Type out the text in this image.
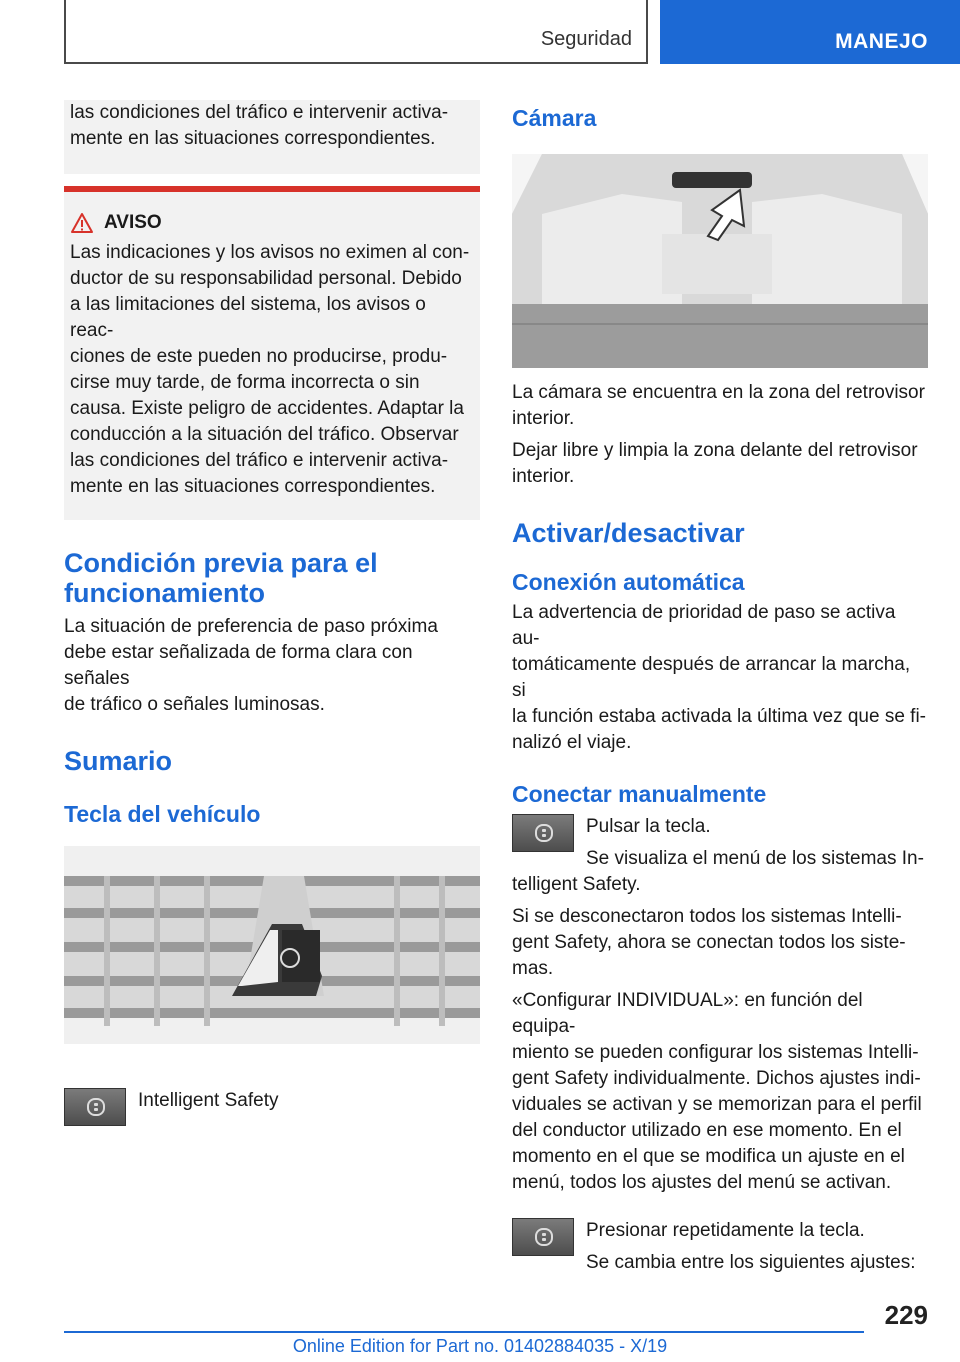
Seguridad	MANEJO

las condiciones del tráfico e intervenir activa-

mente en las situaciones correspondientes.

AVISO

Las indicaciones y los avisos no eximen al con-

ductor de su responsabilidad personal. Debido

a las limitaciones del sistema, los avisos o reac-

ciones de este pueden no producirse, produ-

cirse muy tarde, de forma incorrecta o sin

causa. Existe peligro de accidentes. Adaptar la

conducción a la situación del tráfico. Observar

las condiciones del tráfico e intervenir activa-

mente en las situaciones correspondientes.

Condición previa para el
funcionamiento

La situación de preferencia de paso próxima

debe estar señalizada de forma clara con señales

de tráfico o señales luminosas.

Sumario
Tecla del vehículo

Intelligent Safety

Cámara

La cámara se encuentra en la zona del retrovisor

interior.

Dejar libre y limpia la zona delante del retrovisor

interior.

Activar/desactivar
Conexión automática

La advertencia de prioridad de paso se activa au-

tomáticamente después de arrancar la marcha, si

la función estaba activada la última vez que se fi-

nalizó el viaje.

Conectar manualmente

Pulsar la tecla.

Se visualiza el menú de los sistemas In-

telligent Safety.

Si se desconectaron todos los sistemas Intelli-

gent Safety, ahora se conectan todos los siste-

mas.

«Configurar INDIVIDUAL»: en función del equipa-

miento se pueden configurar los sistemas Intelli-

gent Safety individualmente. Dichos ajustes indi-

viduales se activan y se memorizan para el perfil

del conductor utilizado en ese momento. En el

momento en el que se modifica un ajuste en el

menú, todos los ajustes del menú se activan.

Presionar repetidamente la tecla.

Se cambia entre los siguientes ajustes:

229
Online Edition for Part no. 01402884035 - X/19
